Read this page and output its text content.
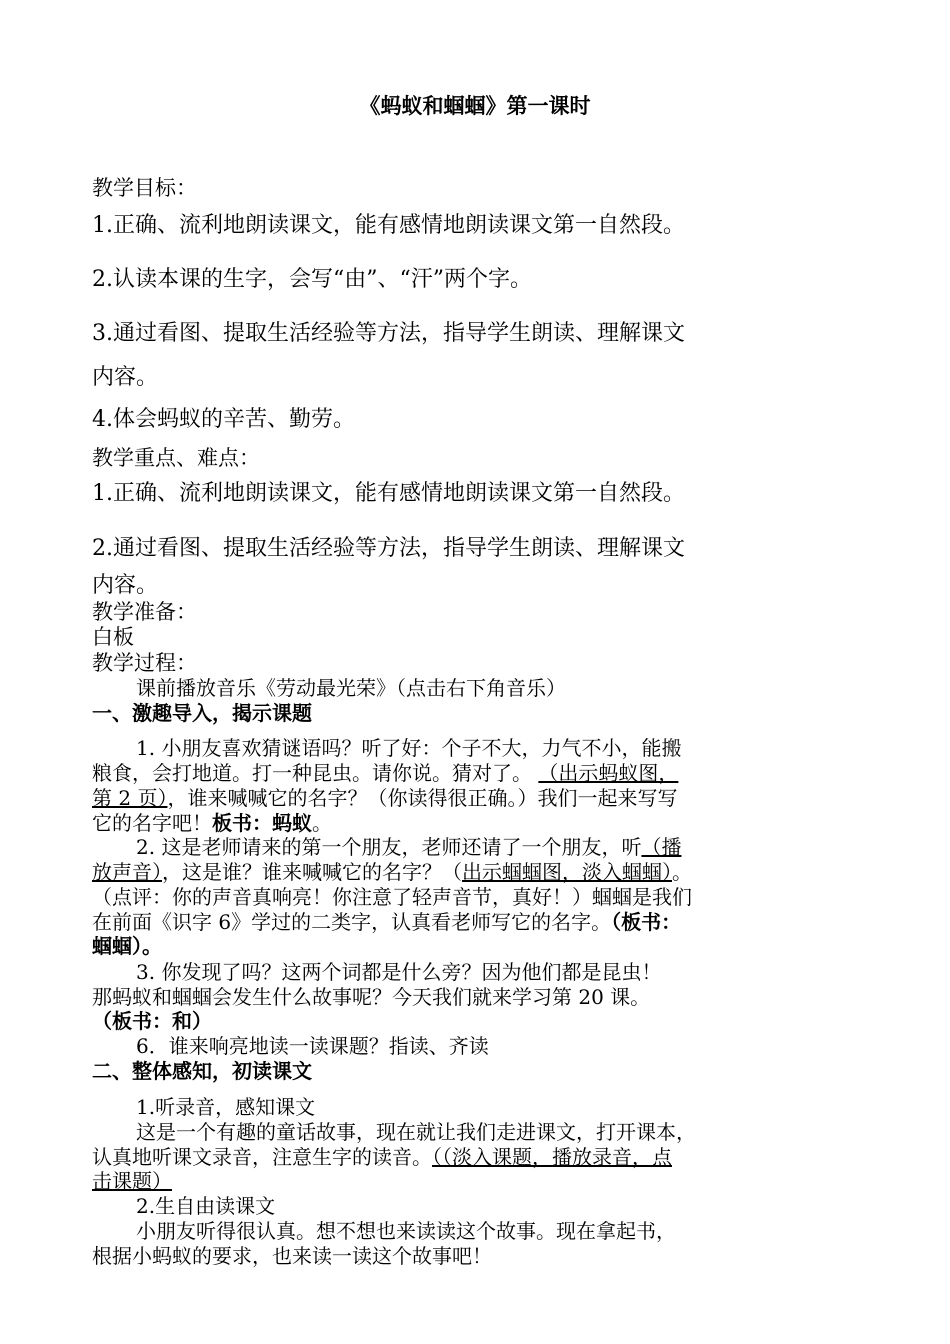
《蚂蚁和蝈蝈》第一课时
教学目标：
1.正确、流利地朗读课文，能有感情地朗读课文第一自然段。
2.认读本课的生字，会写“由”、“汗”两个字。
3.通过看图、提取生活经验等方法，指导学生朗读、理解课文
内容。
4.体会蚂蚁的辛苦、勤劳。
教学重点、难点：
1.正确、流利地朗读课文，能有感情地朗读课文第一自然段。
2.通过看图、提取生活经验等方法，指导学生朗读、理解课文
内容。
教学准备：
白板
教学过程：
课前播放音乐《劳动最光荣》（点击右下角音乐）
一、激趣导入，揭示课题
1. 小朋友喜欢猜谜语吗？听了好：个子不大，力气不小，能搬
粮食，会打地道。打一种昆虫。请你说。猜对了。 （出示蚂蚁图，
第 2 页），谁来喊喊它的名字？（你读得很正确。）我们一起来写写
它的名字吧！板书：蚂蚁。
2. 这是老师请来的第一个朋友，老师还请了一个朋友，听（播
放声音），这是谁？谁来喊喊它的名字？（出示蝈蝈图，淡入蝈蝈）。
（点评：你的声音真响亮！你注意了轻声音节，真好！）蝈蝈是我们
在前面《识字 6》学过的二类字，认真看老师写它的名字。（板书：
蝈蝈）。
3. 你发现了吗？这两个词都是什么旁？因为他们都是昆虫！
那蚂蚁和蝈蝈会发生什么故事呢？今天我们就来学习第 20 课。
（板书：和）
6．谁来响亮地读一读课题？指读、齐读
二、整体感知，初读课文
1.听录音，感知课文
这是一个有趣的童话故事，现在就让我们走进课文，打开课本，
认真地听课文录音，注意生字的读音。（（淡入课题，播放录音，点
击课题）
2.生自由读课文
小朋友听得很认真。想不想也来读读这个故事。现在拿起书，
根据小蚂蚁的要求，也来读一读这个故事吧！
